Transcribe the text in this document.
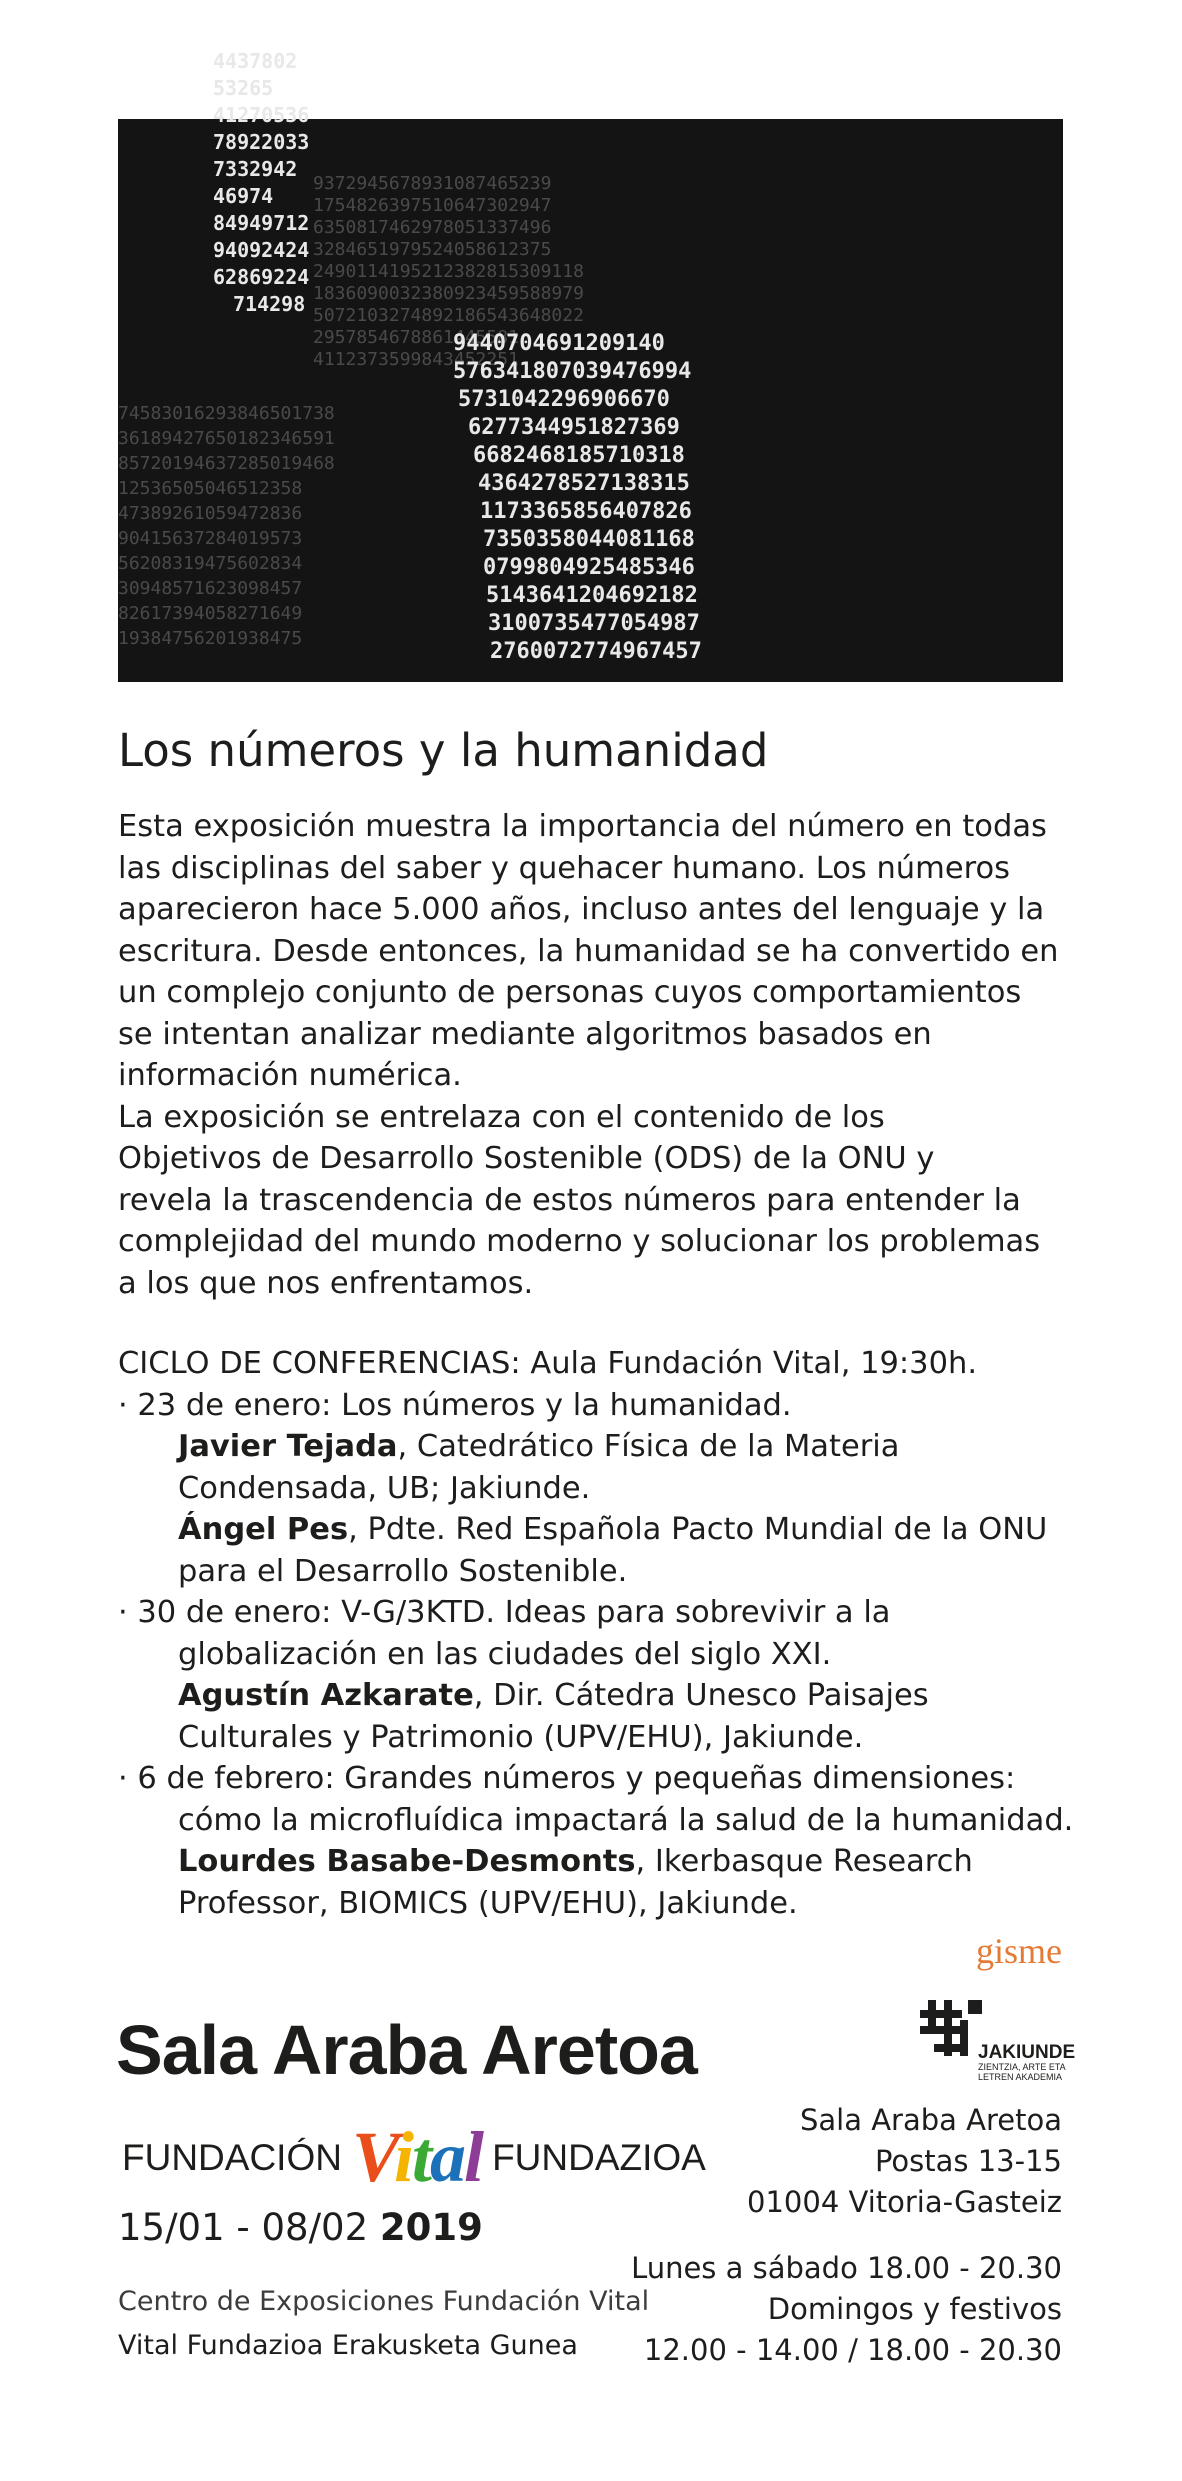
9372945678931087465239
1754826397510647302947
6350817462978051337496
3284651979524058612375
2490114195212382815309118
1836090032380923459588979
5072103274892186543648022
2957854678861445581
4112373599843452251
74583016293846501738
36189427650182346591
85720194637285019468
12536505046512358
47389261059472836
90415637284019573
56208319475602834
30948571623098457
82617394058271649
19384756201938475
4437802
53265
41270536
78922033
7332942
46974
84949712
94092424
62869224
714298
9440704691209140
576341807039476994
5731042296906670
6277344951827369
6682468185710318
4364278527138315
1173365856407826
7350358044081168
0799804925485346
5143641204692182
3100735477054987
2760072774967457
Los números y la humanidad

Esta exposición muestra la importancia del número en todas

las disciplinas del saber y quehacer humano. Los números

aparecieron hace 5.000 años, incluso antes del lenguaje y la

escritura. Desde entonces, la humanidad se ha convertido en

un complejo conjunto de personas cuyos comportamientos

se intentan analizar mediante algoritmos basados en

información numérica.

La exposición se entrelaza con el contenido de los

Objetivos de Desarrollo Sostenible (ODS) de la ONU y

revela la trascendencia de estos números para entender la

complejidad del mundo moderno y solucionar los problemas

a los que nos enfrentamos.

CICLO DE CONFERENCIAS: Aula Fundación Vital, 19:30h.
· 23 de enero: Los números y la humanidad.
Javier Tejada, Catedrático Física de la Materia
Condensada, UB; Jakiunde.
Ángel Pes, Pdte. Red Española Pacto Mundial de la ONU
para el Desarrollo Sostenible.
· 30 de enero: V-G/3KTD. Ideas para sobrevivir a la
globalización en las ciudades del siglo XXI.
Agustín Azkarate, Dir. Cátedra Unesco Paisajes
Culturales y Patrimonio (UPV/EHU), Jakiunde.
· 6 de febrero: Grandes números y pequeñas dimensiones:
cómo la microfluídica impactará la salud de la humanidad.
Lourdes Basabe-Desmonts, Ikerbasque Research
Professor, BIOMICS (UPV/EHU), Jakiunde.
gisme
JAKIUNDE
ZIENTZIA, ARTE ETA
LETREN AKADEMIA
Sala Araba Aretoa
FUNDACIÓN Vital FUNDAZIOA
15/01 - 08/02 2019
Centro de Exposiciones Fundación Vital
Vital Fundazioa Erakusketa Gunea
Sala Araba Aretoa
Postas 13-15
01004 Vitoria-Gasteiz
Lunes a sábado 18.00 - 20.30
Domingos y festivos
12.00 - 14.00 / 18.00 - 20.30
